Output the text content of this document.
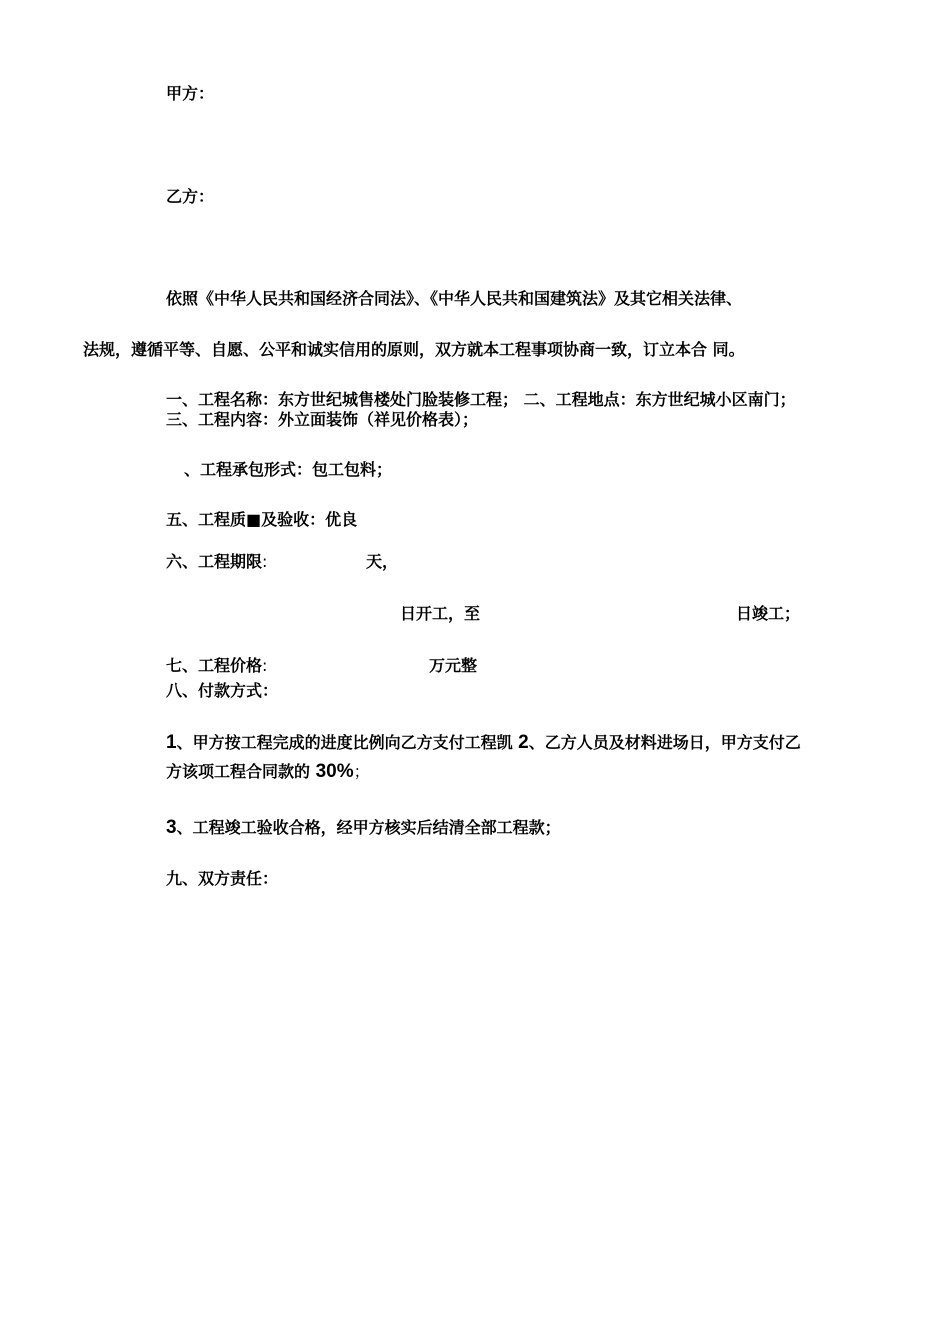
甲方：
乙方：
依照《中华人民共和国经济合同法》、《中华人民共和国建筑法》及其它相关法律、
法规，遵循平等、自愿、公平和诚实信用的原则，双方就本工程事项协商一致，订立本合 同。
一、工程名称：东方世纪城售楼处门脸装修工程； 二、工程地点：东方世纪城小区南门；
三、工程内容：外立面装饰（祥见价格表）；
、工程承包形式：包工包料；
五、工程质■及验收：优良
六、工程期限:	天，
日开工，至	日竣工；
七、工程价格:	万元整
八、付款方式：
1、甲方按工程完成的进度比例向乙方支付工程凯 2、乙方人员及材料进场日，甲方支付乙
方该项工程合同款的 30%；
3、工程竣工验收合格，经甲方核实后结清全部工程款；
九、双方责任：
